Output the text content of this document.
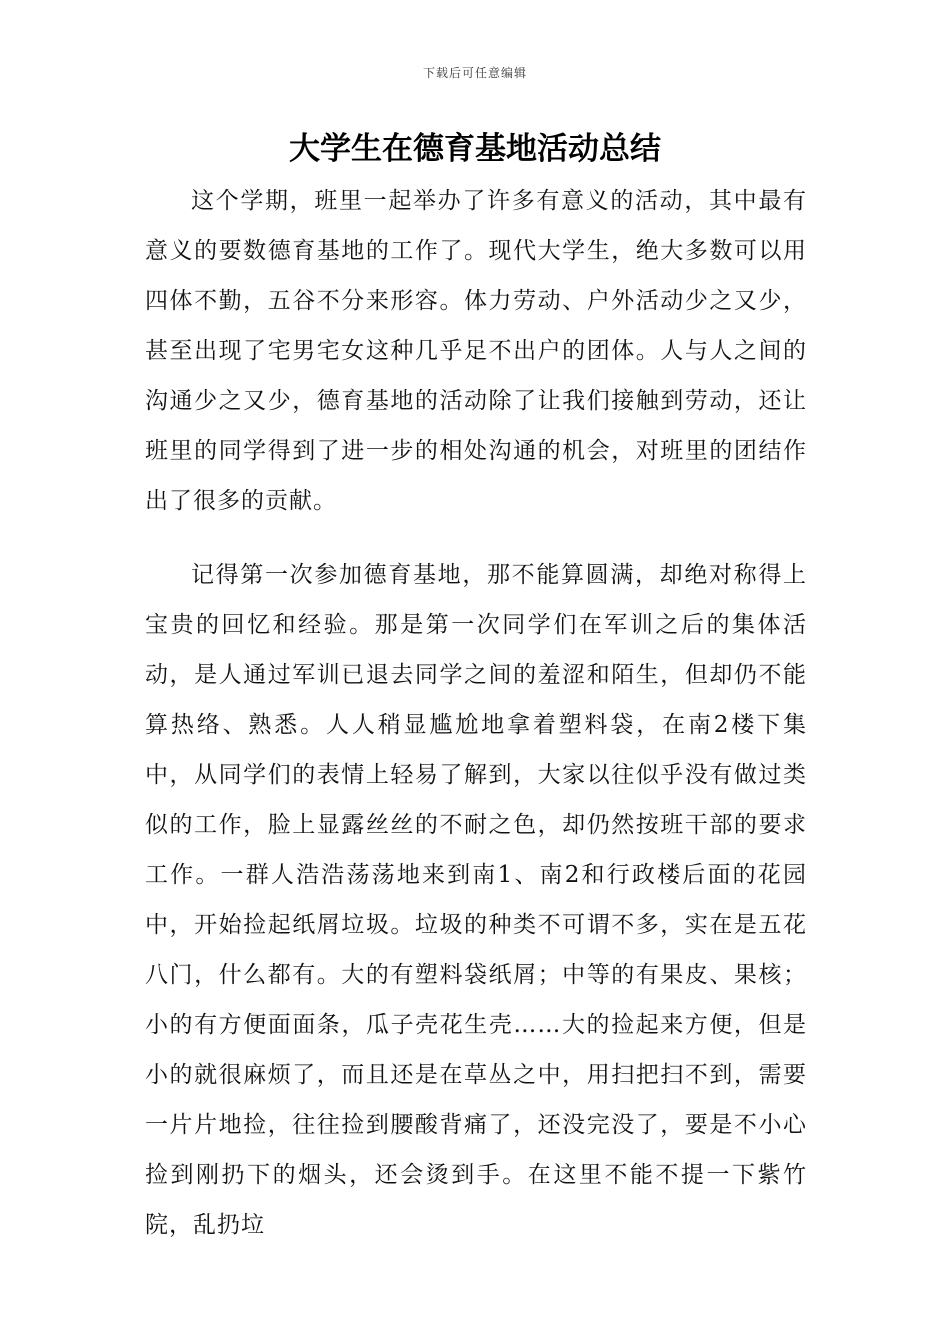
下载后可任意编辑
大学生在德育基地活动总结

这个学期，班里一起举办了许多有意义的活动，其中最有意义的要数德育基地的工作了。现代大学生，绝大多数可以用四体不勤，五谷不分来形容。体力劳动、户外活动少之又少，甚至出现了宅男宅女这种几乎足不出户的团体。人与人之间的沟通少之又少，德育基地的活动除了让我们接触到劳动，还让班里的同学得到了进一步的相处沟通的机会，对班里的团结作出了很多的贡献。

记得第一次参加德育基地，那不能算圆满，却绝对称得上宝贵的回忆和经验。那是第一次同学们在军训之后的集体活动，是人通过军训已退去同学之间的羞涩和陌生，但却仍不能算热络、熟悉。人人稍显尴尬地拿着塑料袋，在南2楼下集中，从同学们的表情上轻易了解到，大家以往似乎没有做过类似的工作，脸上显露丝丝的不耐之色，却仍然按班干部的要求工作。一群人浩浩荡荡地来到南1、南2和行政楼后面的花园中，开始捡起纸屑垃圾。垃圾的种类不可谓不多，实在是五花八门，什么都有。大的有塑料袋纸屑；中等的有果皮、果核；小的有方便面面条，瓜子壳花生壳……大的捡起来方便，但是小的就很麻烦了，而且还是在草丛之中，用扫把扫不到，需要一片片地捡，往往捡到腰酸背痛了，还没完没了，要是不小心捡到刚扔下的烟头，还会烫到手。在这里不能不提一下紫竹院，乱扔垃
